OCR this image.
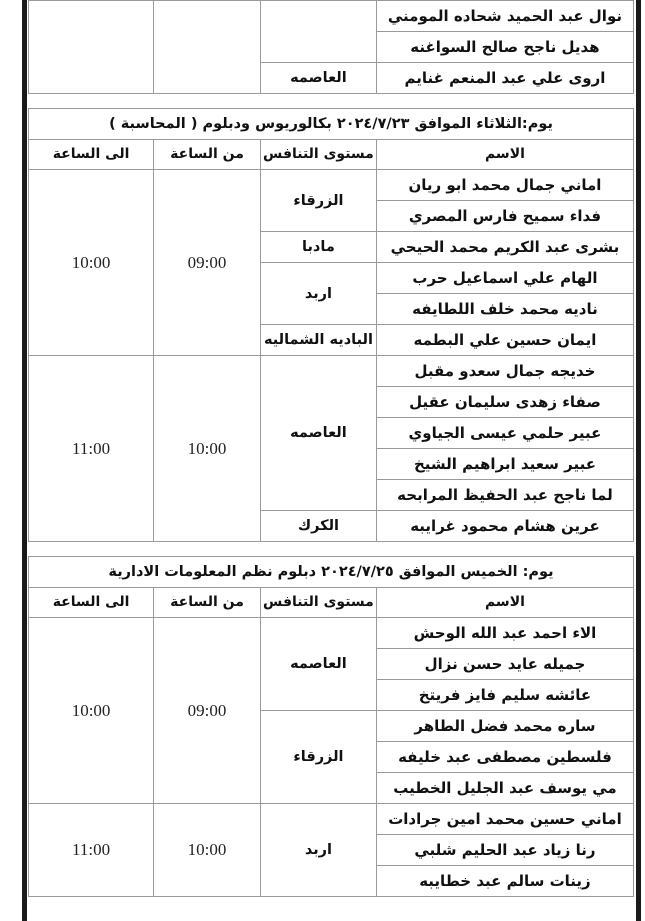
نوال عبد الحميد شحاده المومني			
هديل ناجح صالح السواغنه			
اروى علي عبد المنعم غنايم	العاصمه		
يوم:الثلاثاء الموافق ٢٠٢٤/٧/٢٣ بكالوريوس ودبلوم ( المحاسبة )			
الاسم	مستوى التنافس	من الساعة	الى الساعة
اماني جمال محمد ابو ريان	الزرقاء	09:00	10:00
فداء سميح فارس المصري			
بشرى عبد الكريم محمد الحيحي	مادبا		
الهام علي اسماعيل حرب	اربد		
ناديه محمد خلف اللطايفه			
ايمان حسين علي البطمه	الباديه الشماليه		
خديجه جمال سعدو مقبل	العاصمه	10:00	11:00
صفاء زهدى سليمان عقيل			
عبير حلمي عيسى الجياوي			
عبير سعيد ابراهيم الشيخ			
لما ناجح عبد الحفيظ المرابحه			
عرين هشام محمود غرايبه	الكرك		
يوم: الخميس الموافق ٢٠٢٤/٧/٢٥ دبلوم نظم المعلومات الادارية			
الاسم	مستوى التنافس	من الساعة	الى الساعة
الاء احمد عبد الله الوحش	العاصمه	09:00	10:00
جميله عايد حسن نزال			
عائشه سليم فايز فريتخ			
ساره محمد فضل الطاهر	الزرقاء		
فلسطين مصطفى عبد خليفه			
مي يوسف عبد الجليل الخطيب			
اماني حسين محمد امين جرادات	اربد	10:00	11:00
رنا زياد عبد الحليم شلبي			
زينات سالم عبد خطايبه			
